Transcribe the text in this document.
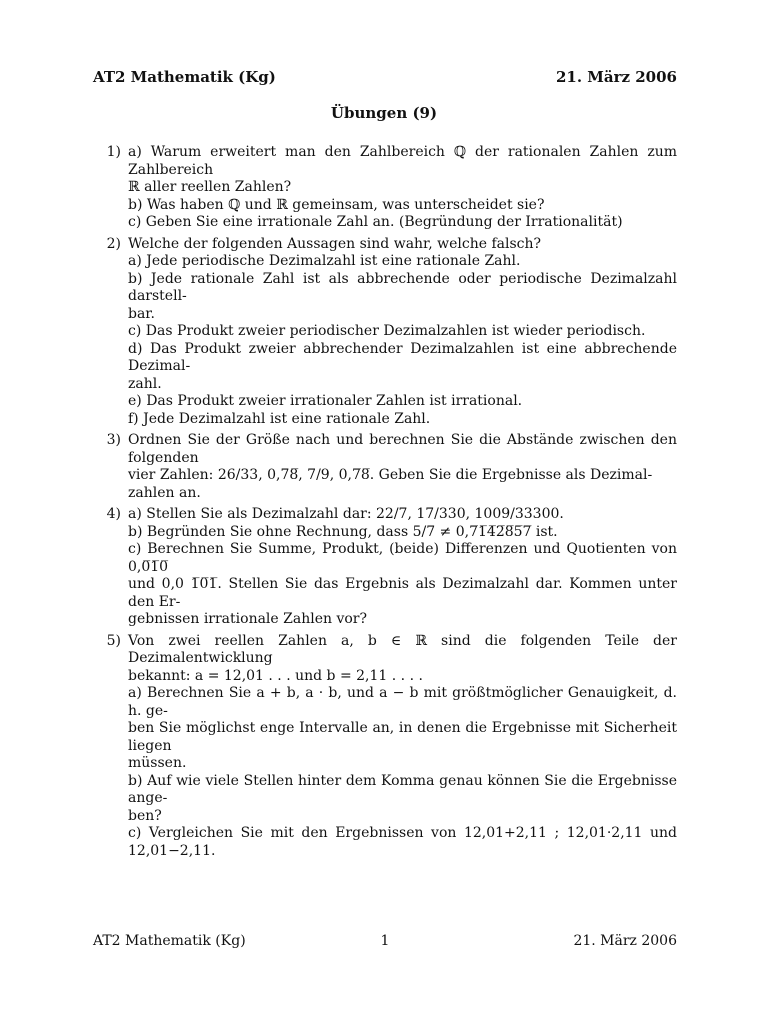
AT2 Mathematik (Kg)	21. März 2006
Übungen (9)
1) a) Warum erweitert man den Zahlbereich ℚ der rationalen Zahlen zum Zahlbereich
ℝ aller reellen Zahlen?
b) Was haben ℚ und ℝ gemeinsam, was unterscheidet sie?
c) Geben Sie eine irrationale Zahl an. (Begründung der Irrationalität)
2) Welche der folgenden Aussagen sind wahr, welche falsch?
a) Jede periodische Dezimalzahl ist eine rationale Zahl.
b) Jede rationale Zahl ist als abbrechende oder periodische Dezimalzahl darstell-
bar.
c) Das Produkt zweier periodischer Dezimalzahlen ist wieder periodisch.
d) Das Produkt zweier abbrechender Dezimalzahlen ist eine abbrechende Dezimal-
zahl.
e) Das Produkt zweier irrationaler Zahlen ist irrational.
f) Jede Dezimalzahl ist eine rationale Zahl.
3) Ordnen Sie der Größe nach und berechnen Sie die Abstände zwischen den folgenden
vier Zahlen: 26/33, 0,78̅, 7/9, 0,7̅8̅. Geben Sie die Ergebnisse als Dezimal-
zahlen an.
4) a) Stellen Sie als Dezimalzahl dar: 22/7, 17/330, 1009/33300.
b) Begründen Sie ohne Rechnung, dass 5/7 ≠ 0,7̅1̅4̅2̅8̅5̅7̅ ist.
c) Berechnen Sie Summe, Produkt, (beide) Differenzen und Quotienten von 0,0̅1̅0̅
und 0,0 1̅0̅1̅. Stellen Sie das Ergebnis als Dezimalzahl dar. Kommen unter den Er-
gebnissen irrationale Zahlen vor?
5) Von zwei reellen Zahlen a, b ∈ ℝ sind die folgenden Teile der Dezimalentwicklung
bekannt: a = 12,01 . . . und b = 2,11 . . . .
a) Berechnen Sie a + b, a · b, und a − b mit größtmöglicher Genauigkeit, d. h. ge-
ben Sie möglichst enge Intervalle an, in denen die Ergebnisse mit Sicherheit liegen
müssen.
b) Auf wie viele Stellen hinter dem Komma genau können Sie die Ergebnisse ange-
ben?
c) Vergleichen Sie mit den Ergebnissen von 12,01+2,11 ; 12,01·2,11 und 12,01−2,11.
AT2 Mathematik (Kg)	1	21. März 2006
